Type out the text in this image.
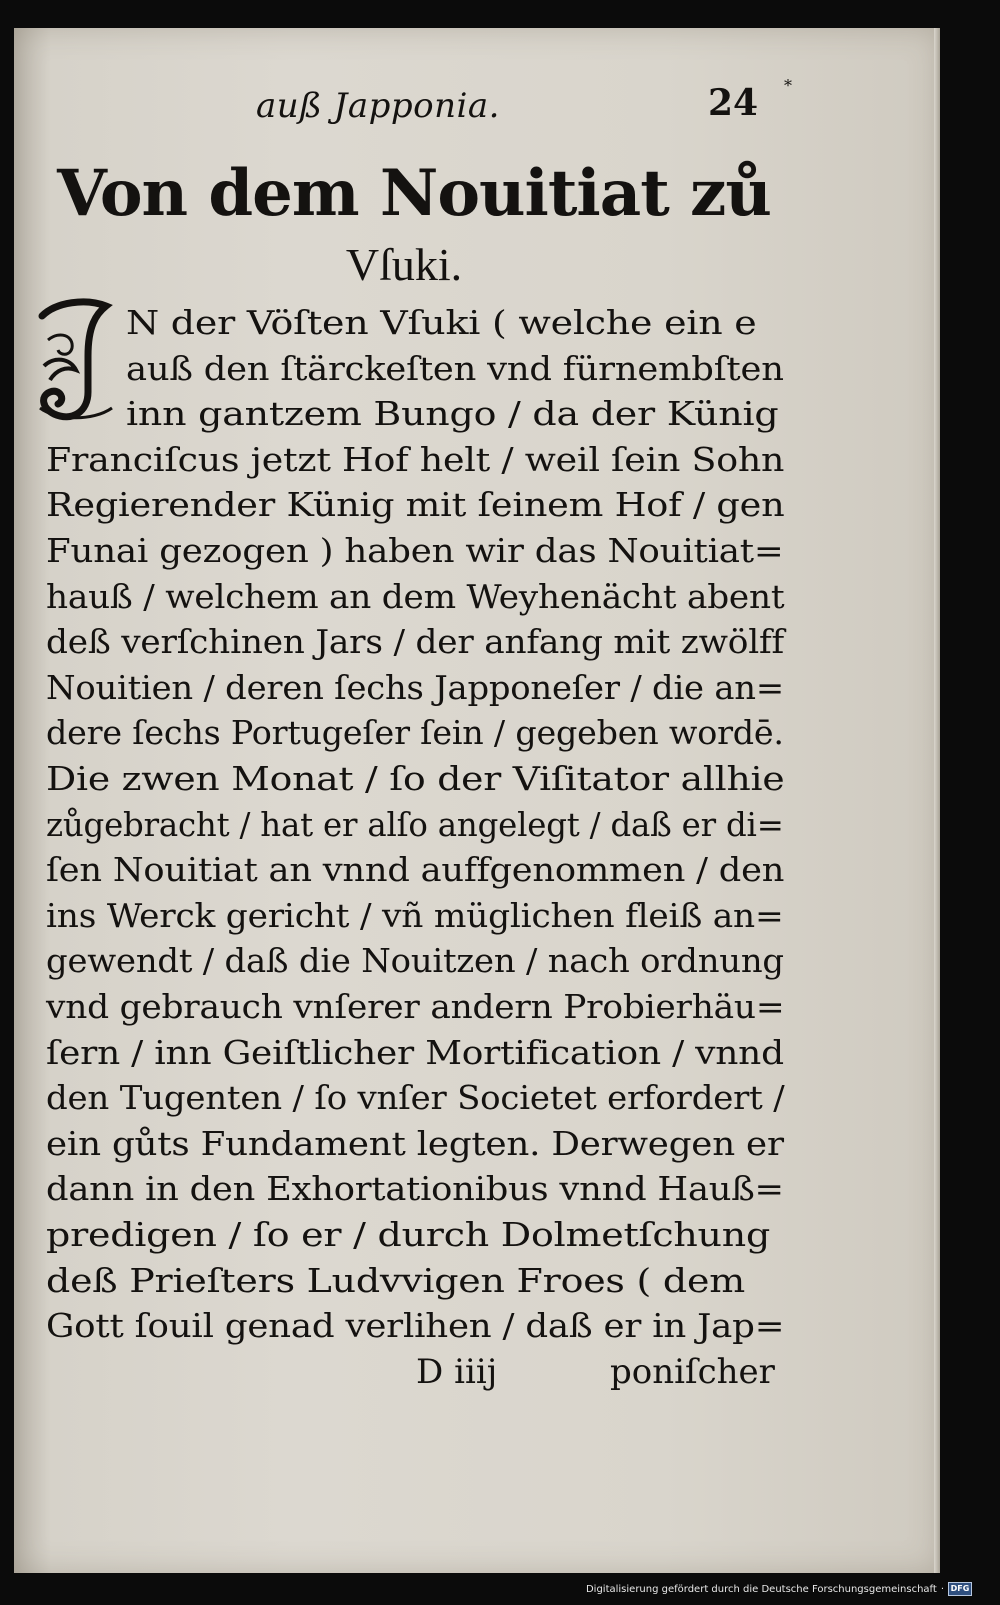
auß Japponia.	24 *
Von dem Nouitiat zů
Vſuki.
N der Vöſten Vſuki ( welche ein e
auß den ſtärckeſten vnd fürnembſten
inn gantzem Bungo / da der Künig
Franciſcus jetzt Hof helt / weil ſein Sohn
Regierender Künig mit ſeinem Hof / gen
Funai gezogen ) haben wir das Nouitiat=
hauß / welchem an dem Weyhenächt abent
deß verſchinen Jars / der anfang mit zwölff
Nouitien / deren ſechs Japponeſer / die an=
dere ſechs Portugeſer ſein / gegeben wordē.
Die zwen Monat / ſo der Viſitator allhie
zůgebracht / hat er alſo angelegt / daß er di=
ſen Nouitiat an vnnd auffgenommen / den
ins Werck gericht / vñ müglichen fleiß an=
gewendt / daß die Nouitzen / nach ordnung
vnd gebrauch vnſerer andern Probierhäu=
ſern / inn Geiſtlicher Mortification / vnnd
den Tugenten / ſo vnſer Societet erfordert /
ein gůts Fundament legten. Derwegen er
dann in den Exhortationibus vnnd Hauß=
predigen / ſo er / durch Dolmetſchung
deß Prieſters Ludvvigen Froes ( dem
Gott ſouil genad verlihen / daß er in Jap=
D iiij	poniſcher
Digitalisierung gefördert durch die Deutsche Forschungsgemeinschaft · DFG
